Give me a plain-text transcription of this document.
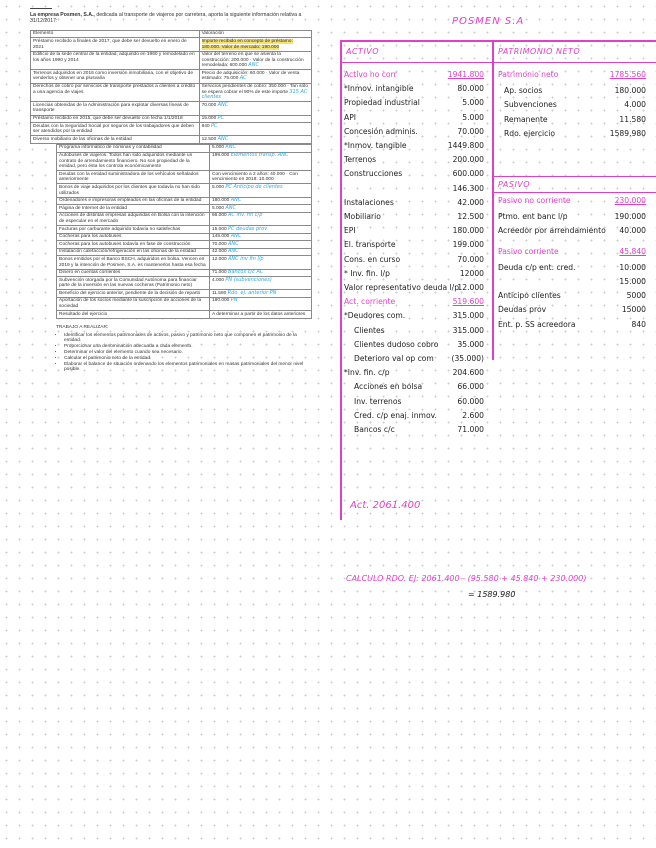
La empresa Posmen, S.A., dedicada al transporte de viajeros por carretera, aporta la siguiente información relativa a 31/12/2017:
Elemento	Valoración
Préstamo recibido a finales de 2017, que debe ser devuelto en enero de 2021	Importe recibido en concepto de préstamo: 180.000. Valor de mercado: 190.000
Edificio de la sede central de la entidad, adquirido en 1960 y remodelado en los años 1990 y 2014	Valor del terreno en que se asienta la construcción: 200.000 · Valor de la construcción remodelada: 600.000 ANC
Terrenos adquiridos en 2016 como inversión inmobiliaria, con el objetivo de venderlos y obtener una plusvalía	Precio de adquisición: 60.000 · Valor de venta estimado: 75.000 AC
Derechos de cobro por servicios de transporte prestados a clientes a crédito a una agencia de viajes	Servicios pendientes de cobro: 350.000 · Tan sólo se espera cobrar el 90% de este importe 315 AC clientes
Licencias obtenidas de la Administración para explotar diversas líneas de transporte	70.000 ANC
Préstamo recibido en 2015, que debe ser devuelto con fecha 1/1/2018	15.000 PC
Deudas con la Seguridad Social por seguros de los trabajadores que deben ser atendidos por la entidad	840 PC
Diverso mobiliario de las oficinas de la entidad	12.500 ANC
Programa informático de nóminas y contabilidad	5.000 ANC
Autobuses de viajeros. Todos han sido adquiridos mediante un contrato de arrendamiento financiero. No son propiedad de la entidad, pero ésta los controla económicamente	199.000 Elementos transp. ANC
Deudas con la entidad suministradora de los vehículos señalados anteriormente	Con vencimiento a 2 años: 40.000 · Con vencimiento en 2018: 10.000
Bonos de viaje adquiridos por los clientes que todavía no han sido utilizados	5.000 PC Anticipo de clientes
Ordenadores e impresoras empleados en las oficinas de la entidad	180.000 ANC
Página de Internet de la entidad	5.000 ANC
Acciones de distintas empresas adquiridas en Bolsa con la intención de especular en el mercado	66.000 AC inv. fin c/p
Facturas por carburante adquirido todavía no satisfechas	15.000 PC deudas prov
Cocheras para los autobuses	145.000 ANC
Cocheras para los autobuses todavía en fase de construcción	70.000 ANC
Instalación calefacción/refrigeración en las oficinas de la entidad	42.000 ANC
Bonos emitidos por el Banco BSCH, adquiridos en bolsa. Vencen en 2019 y la intención de Posmen, S.A. es mantenerlos hasta esa fecha	12.000 ANC inv fin l/p
Dinero en cuentas corrientes	71.000 Bancos c/c AC
Subvención otorgada por la Comunidad Autónoma para financiar parte de la inversión en las nuevas cocheras (Patrimonio neto)	4.000 PN (subvenciones)
Beneficio del ejercicio anterior, pendiente de la decisión de reparto	11.580 Rdo. ej. anterior PN
Aportación de los socios mediante la suscripción de acciones de la sociedad	180.000 PN
Resultado del ejercicio	A determinar a partir de los datos anteriores
TRABAJO A REALIZAR:
• Identificar los elementos patrimoniales de activos, pasivo y patrimonio neto que componen el patrimonio de la entidad.
• Proporcionar una denominación adecuada a cada elemento.
• Determinar el valor del elemento cuando sea necesario.
• Calcular el patrimonio neto de la entidad.
• Elaborar el balance de situación ordenando los elementos patrimoniales en masas patrimoniales del menor nivel posible.
POSMEN S.A
ACTIVO	PATRIMONIO NETO
PASIVO
Act. 2061.400
CALCULO RDO. EJ: 2061.400 - (95.580 + 45.840 + 230.000)
= 1589.980
Activo no corr	1941.800
*Inmov. intangible	80.000
Propiedad industrial	5.000
API	5.000
Concesión adminis.	70.000
*Inmov. tangible	1449.800
Terrenos	200.000
Construcciones	600.000
146.300
Instalaciones	42.000
Mobiliario	12.500
EPI	180.000
El. transporte	199.000
Cons. en curso	70.000
* Inv. fin. l/p	12000
Valor representativo deuda l/p
12.000
Act. corriente	519.600
*Deudores com.	315.000
Clientes	315.000
Clientes dudoso cobro	35.000
Deterioro val op com (35.000)
*Inv. fin. c/p	204.600
Acciones en bolsa	66.000
Inv. terrenos	60.000
Cred. c/p enaj. inmov.	2.600
Bancos c/c	71.000
Patrimonio neto	1785.560
Ap. socios	180.000
Subvenciones	4.000
Remanente	11.580
Rdo. ejercicio	1589.980
Pasivo no corriente	230.000
Ptmo. ent banc l/p	190.000
Acreedor por arrendamiento 40.000
Pasivo corriente	45.840
Deuda c/p ent. cred.	10.000
15.000
Anticipo clientes	5000
Deudas prov	15000
Ent. p. SS acreedora	840
